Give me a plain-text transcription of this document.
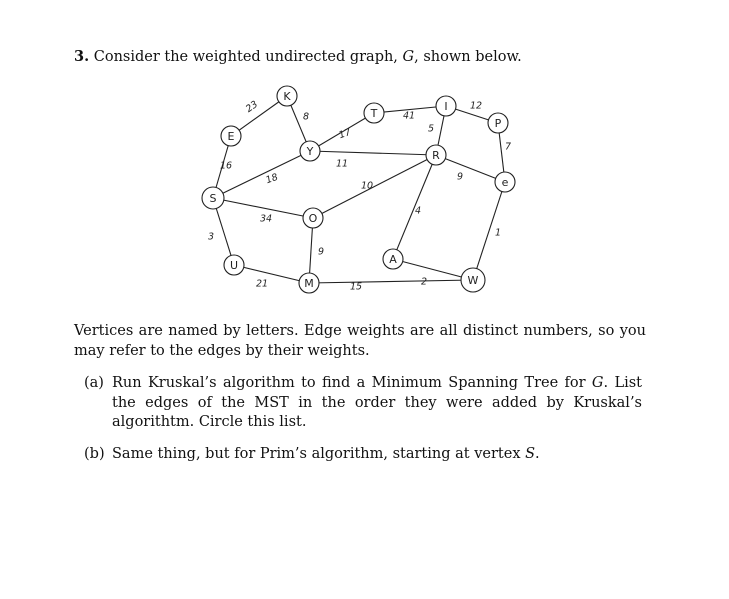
3. Consider the weighted undirected graph, G, shown below.
23
8
17
41
12
5
7
11
9
16
18
34
10
3
9
21	15
4
2
1
K
E
Y
T
I
P
R
e
S
O
U
M
A
W
Vertices are named by letters. Edge weights are all distinct numbers, so you may refer to the edges by their weights.
(a) Run Kruskal’s algorithm to find a Minimum Spanning Tree for G. List the edges of the MST in the order they were added by Kruskal’s algorithtm. Circle this list.
(b) Same thing, but for Prim’s algorithm, starting at vertex S.
